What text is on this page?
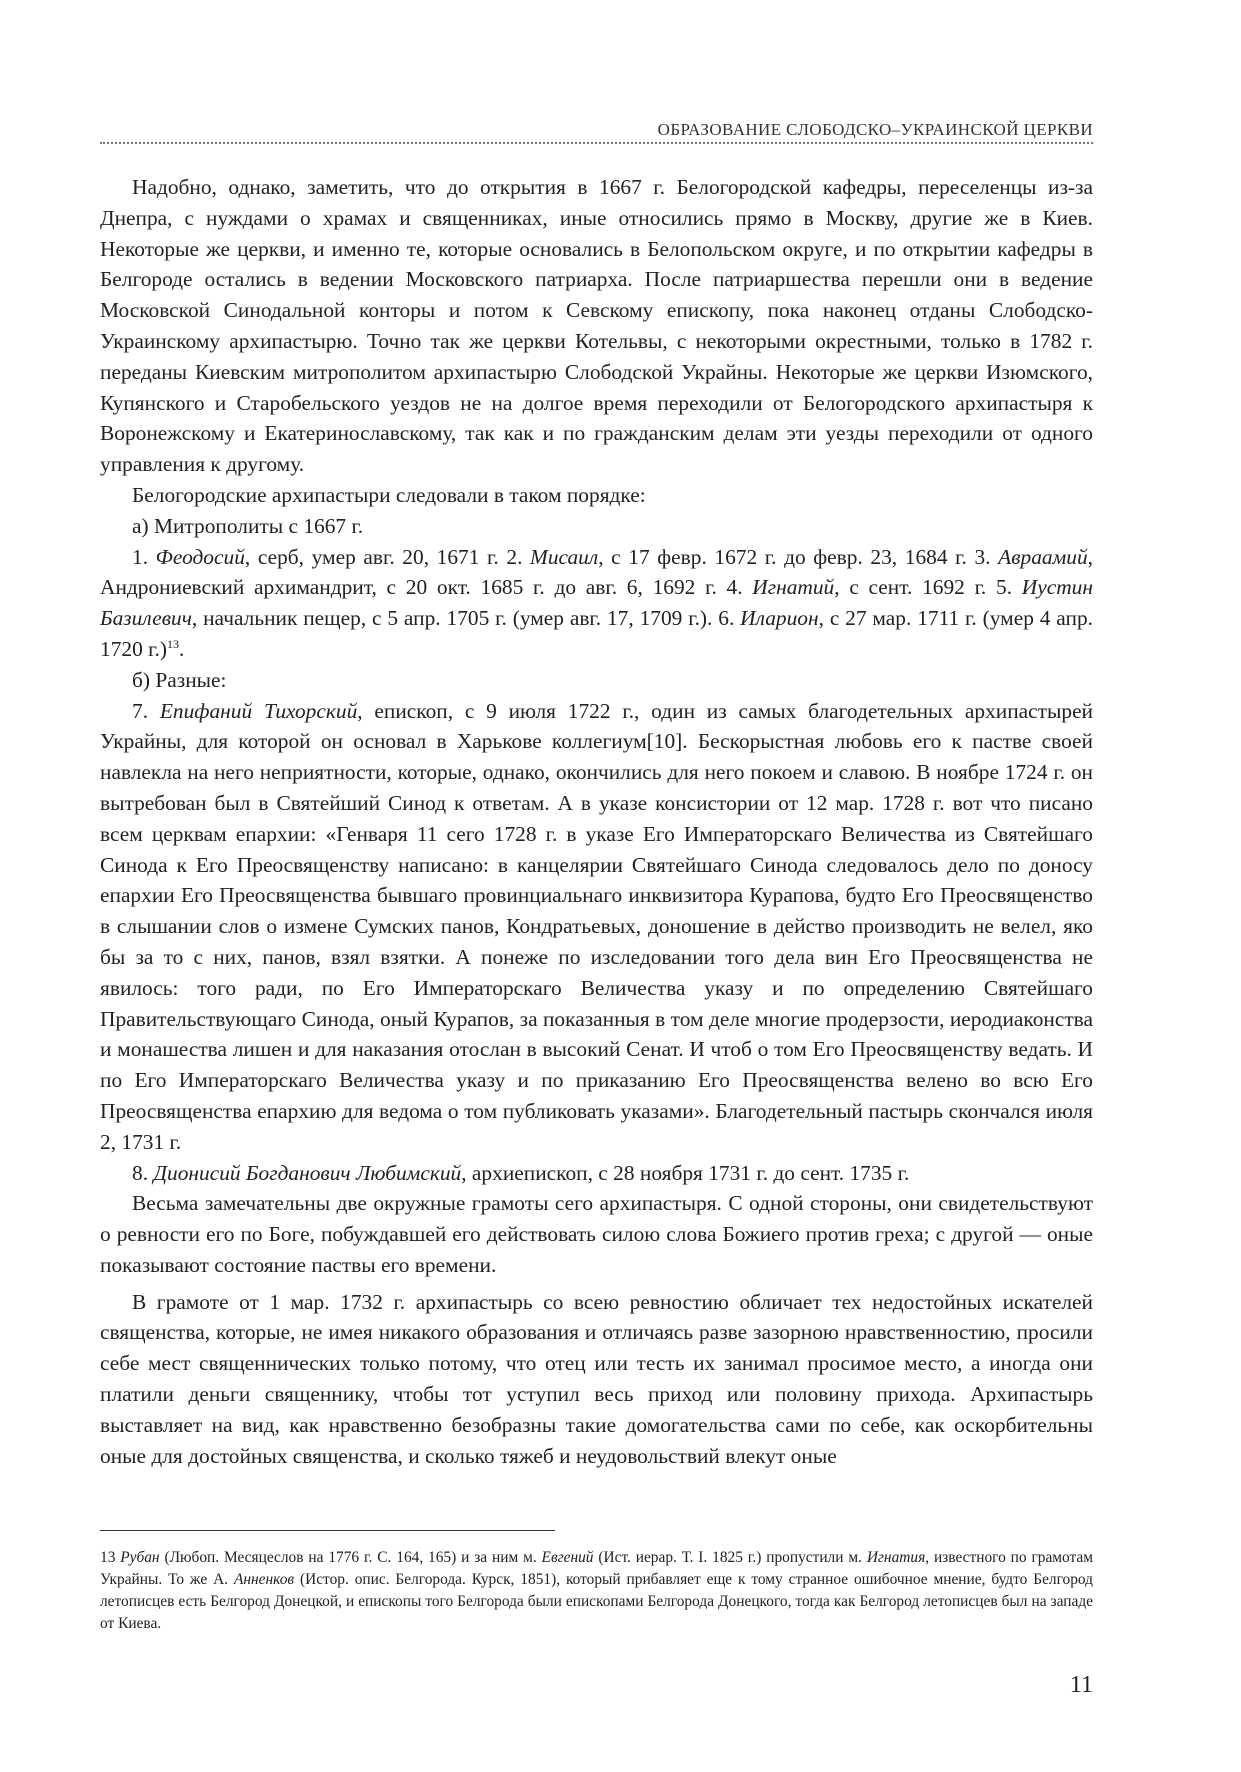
ОБРАЗОВАНИЕ СЛОБОДСКО–УКРАИНСКОЙ ЦЕРКВИ

Надобно, однако, заметить, что до открытия в 1667 г. Белогородской кафедры, переселенцы из-за Днепра, с нуждами о храмах и священниках, иные относились прямо в Москву, другие же в Киев. Некоторые же церкви, и именно те, которые основались в Белопольском округе, и по открытии кафедры в Белгороде остались в ведении Московского патриарха. После патриаршества перешли они в ведение Московской Синодальной конторы и потом к Севскому епископу, пока наконец отданы Слободско-Украинскому архипастырю. Точно так же церкви Котельвы, с некоторыми окрестными, только в 1782 г. переданы Киевским митрополитом архипастырю Слободской Украйны. Некоторые же церкви Изюмского, Купянского и Старобельского уездов не на долгое время переходили от Белогородского архипастыря к Воронежскому и Екатеринославскому, так как и по гражданским делам эти уезды переходили от одного управления к другому.

Белогородские архипастыри следовали в таком порядке:

а) Митрополиты с 1667 г.

1. Феодосий, серб, умер авг. 20, 1671 г. 2. Мисаил, с 17 февр. 1672 г. до февр. 23, 1684 г. 3. Авраамий, Андрониевский архимандрит, с 20 окт. 1685 г. до авг. 6, 1692 г. 4. Игнатий, с сент. 1692 г. 5. Иустин Базилевич, начальник пещер, с 5 апр. 1705 г. (умер авг. 17, 1709 г.). 6. Иларион, с 27 мар. 1711 г. (умер 4 апр. 1720 г.)$^{13}$.

б) Разные:

7. Епифаний Тихорский, епископ, с 9 июля 1722 г., один из самых благодетельных архипастырей Украйны, для которой он основал в Харькове коллегиум[10]. Бескорыстная любовь его к пастве своей навлекла на него неприятности, которые, однако, окончились для него покоем и славою. В ноябре 1724 г. он вытребован был в Святейший Синод к ответам. А в указе консистории от 12 мар. 1728 г. вот что писано всем церквам епархии: «Генваря 11 сего 1728 г. в указе Его Императорскаго Величества из Святейшаго Синода к Его Преосвященству написано: в канцелярии Святейшаго Синода следовалось дело по доносу епархии Его Преосвященства бывшаго провинциальнаго инквизитора Курапова, будто Его Преосвященство в слышании слов о измене Сумских панов, Кондратьевых, доношение в действо производить не велел, яко бы за то с них, панов, взял взятки. А понеже по изследовании того дела вин Его Преосвященства не явилось: того ради, по Его Императорскаго Величества указу и по определению Святейшаго Правительствующаго Синода, оный Курапов, за показанныя в том деле многие продерзости, иеродиаконства и монашества лишен и для наказания отослан в высокий Сенат. И чтоб о том Его Преосвященству ведать. И по Его Императорскаго Величества указу и по приказанию Его Преосвященства велено во всю Его Преосвященства епархию для ведома о том публиковать указами». Благодетельный пастырь скончался июля 2, 1731 г.

8. Дионисий Богданович Любимский, архиепископ, с 28 ноября 1731 г. до сент. 1735 г.

Весьма замечательны две окружные грамоты сего архипастыря. С одной стороны, они свидетельствуют о ревности его по Боге, побуждавшей его действовать силою слова Божиего против греха; с другой — оные показывают состояние паствы его времени.

В грамоте от 1 мар. 1732 г. архипастырь со всею ревностию обличает тех недостойных искателей священства, которые, не имея никакого образования и отличаясь разве зазорною нравственностию, просили себе мест священнических только потому, что отец или тесть их занимал просимое место, а иногда они платили деньги священнику, чтобы тот уступил весь приход или половину прихода. Архипастырь выставляет на вид, как нравственно безобразны такие домогательства сами по себе, как оскорбительны оные для достойных священства, и сколько тяжеб и неудовольствий влекут оные

13 Рубан (Любоп. Месяцеслов на 1776 г. С. 164, 165) и за ним м. Евгений (Ист. иерар. Т. I. 1825 г.) пропустили м. Игнатия, известного по грамотам Украйны. То же А. Анненков (Истор. опис. Белгорода. Курск, 1851), который прибавляет еще к тому странное ошибочное мнение, будто Белгород летописцев есть Белгород Донецкой, и епископы того Белгорода были епископами Белгорода Донецкого, тогда как Белгород летописцев был на западе от Киева.

11
